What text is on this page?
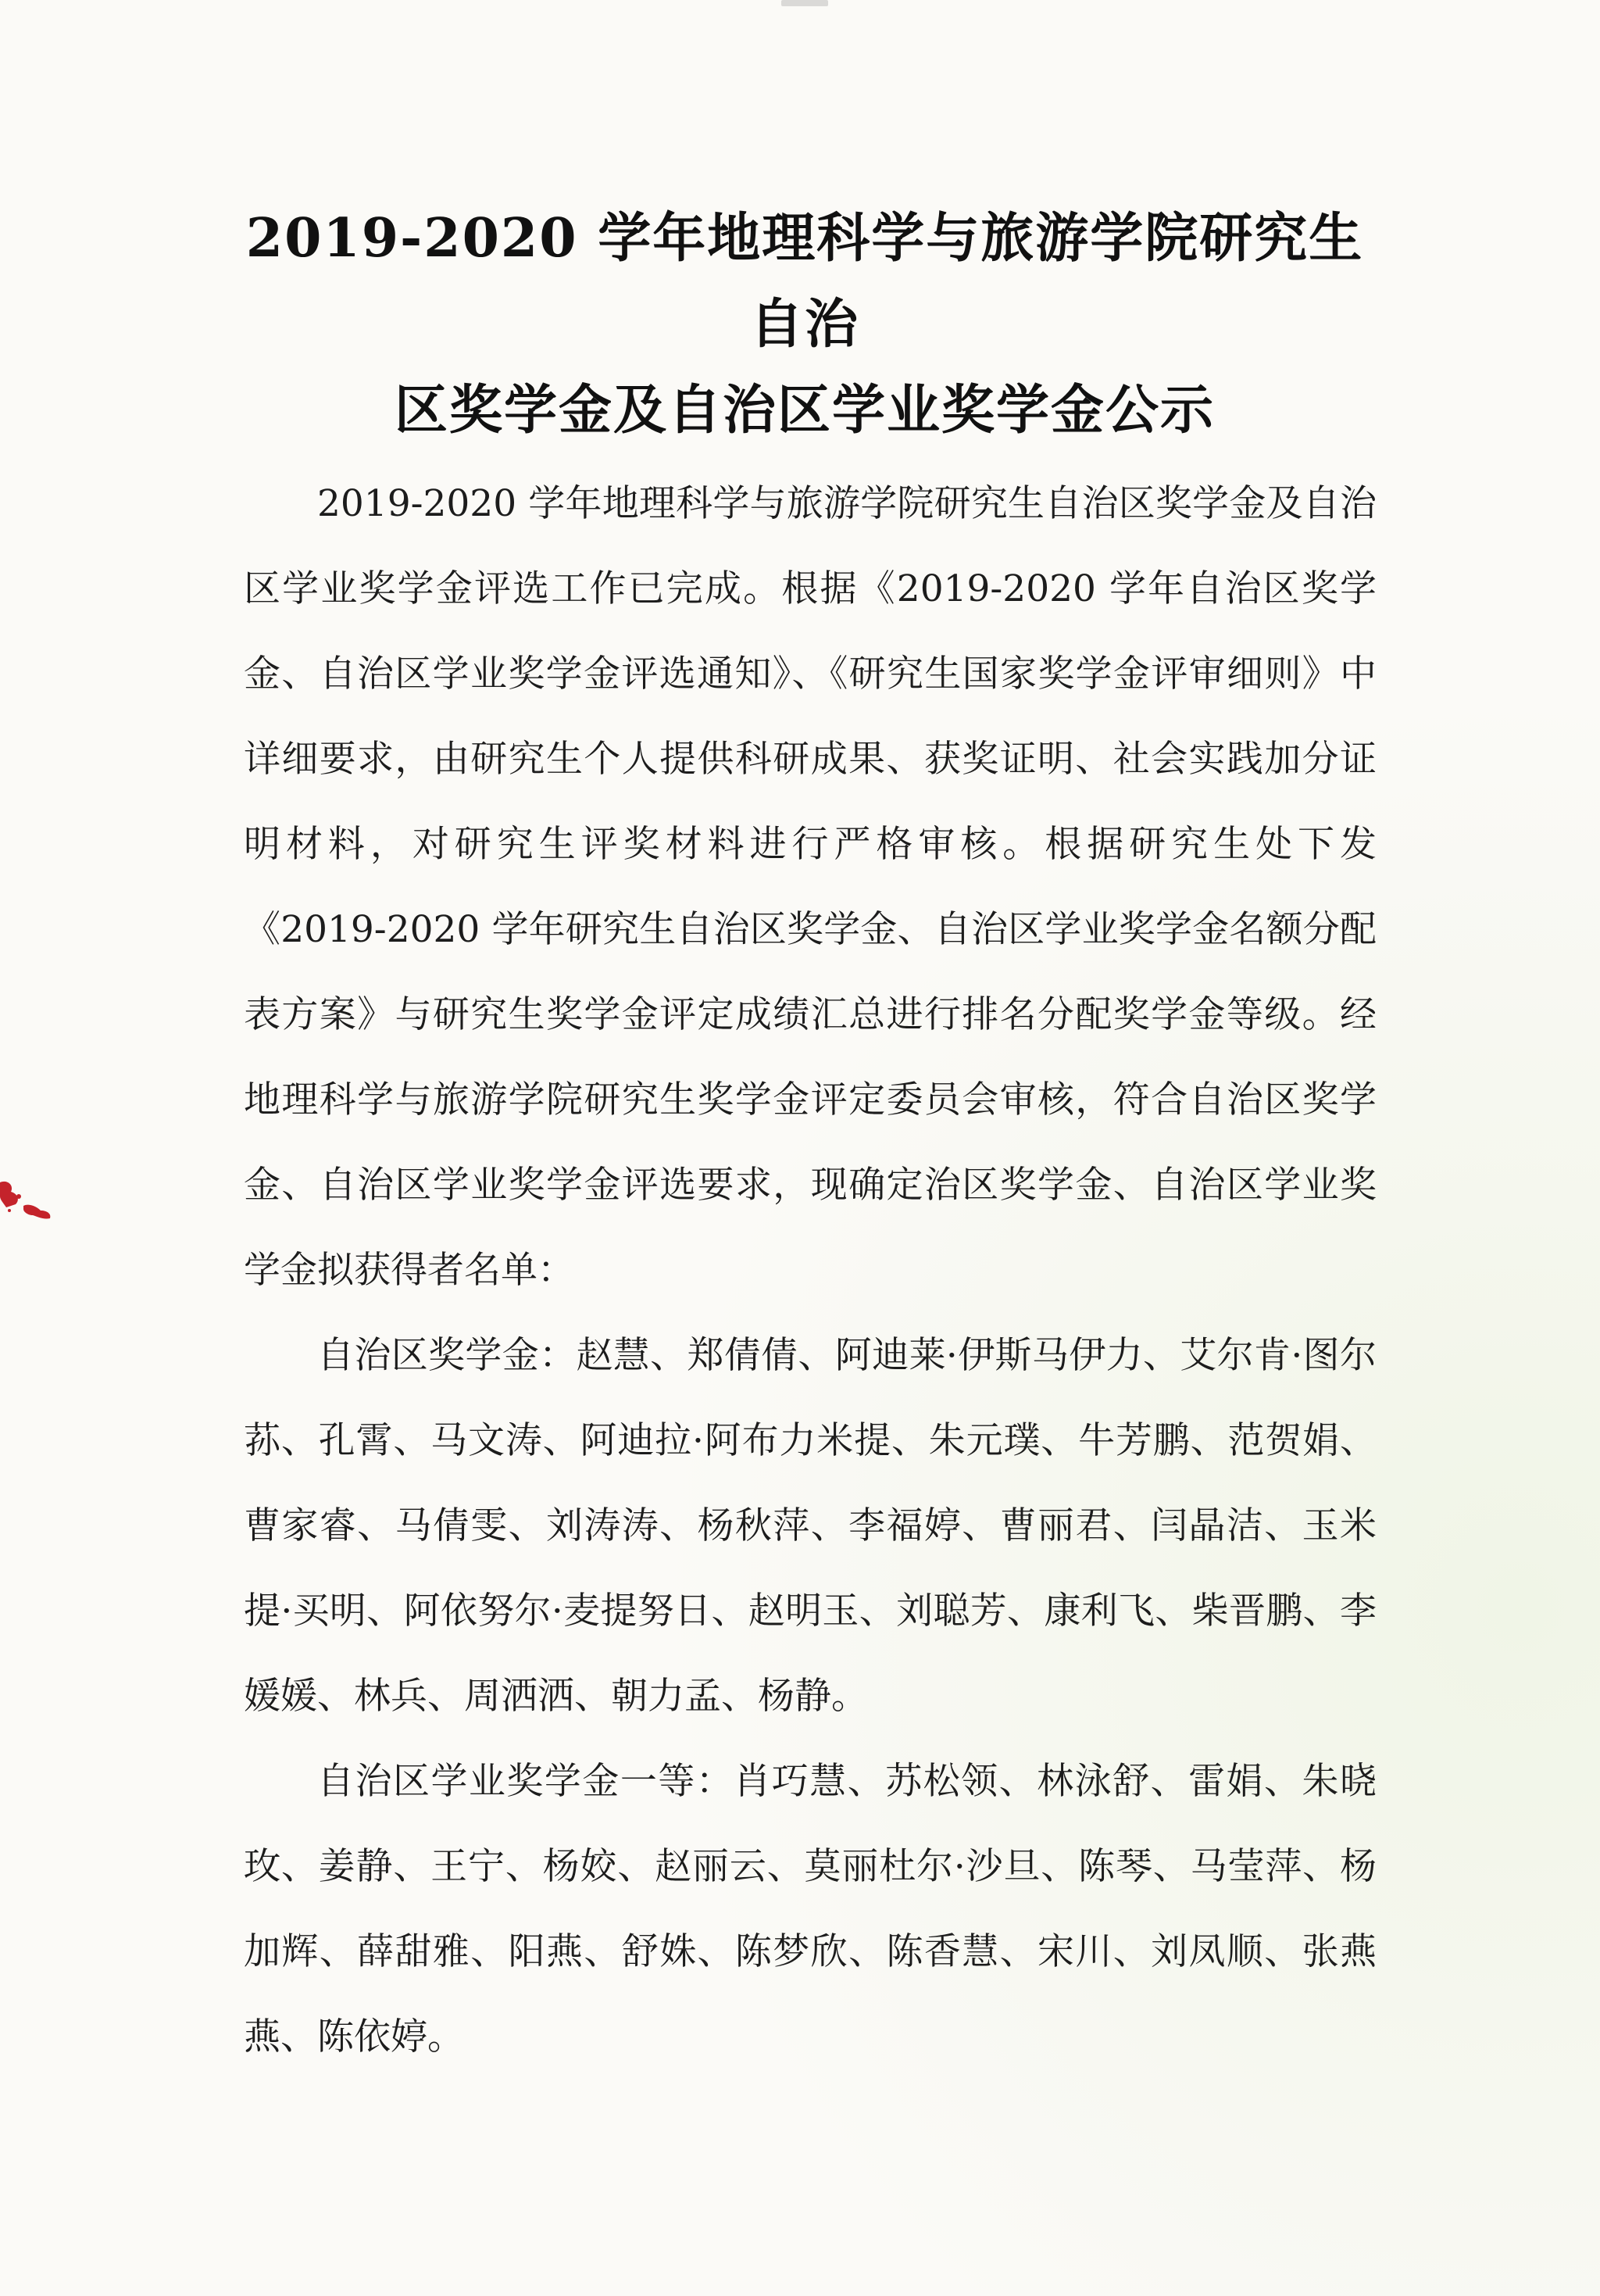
2019-2020 学年地理科学与旅游学院研究生自治
区奖学金及自治区学业奖学金公示

2019-2020 学年地理科学与旅游学院研究生自治区奖学金及自治区学业奖学金评选工作已完成。根据《2019-2020 学年自治区奖学金、自治区学业奖学金评选通知》、《研究生国家奖学金评审细则》中详细要求，由研究生个人提供科研成果、获奖证明、社会实践加分证明材料，对研究生评奖材料进行严格审核。根据研究生处下发《2019-2020 学年研究生自治区奖学金、自治区学业奖学金名额分配表方案》与研究生奖学金评定成绩汇总进行排名分配奖学金等级。经地理科学与旅游学院研究生奖学金评定委员会审核，符合自治区奖学金、自治区学业奖学金评选要求，现确定治区奖学金、自治区学业奖学金拟获得者名单：

自治区奖学金：赵慧、郑倩倩、阿迪莱·伊斯马伊力、艾尔肯·图尔荪、孔霄、马文涛、阿迪拉·阿布力米提、朱元璞、牛芳鹏、范贺娟、曹家睿、马倩雯、刘涛涛、杨秋萍、李福婷、曹丽君、闫晶洁、玉米提·买明、阿依努尔·麦提努日、赵明玉、刘聪芳、康利飞、柴晋鹏、李媛媛、林兵、周洒洒、朝力孟、杨静。

自治区学业奖学金一等：肖巧慧、苏松领、林泳舒、雷娟、朱晓玫、姜静、王宁、杨姣、赵丽云、莫丽杜尔·沙旦、陈琴、马莹萍、杨加辉、薛甜雅、阳燕、舒姝、陈梦欣、陈香慧、宋川、刘凤顺、张燕燕、陈依婷。
